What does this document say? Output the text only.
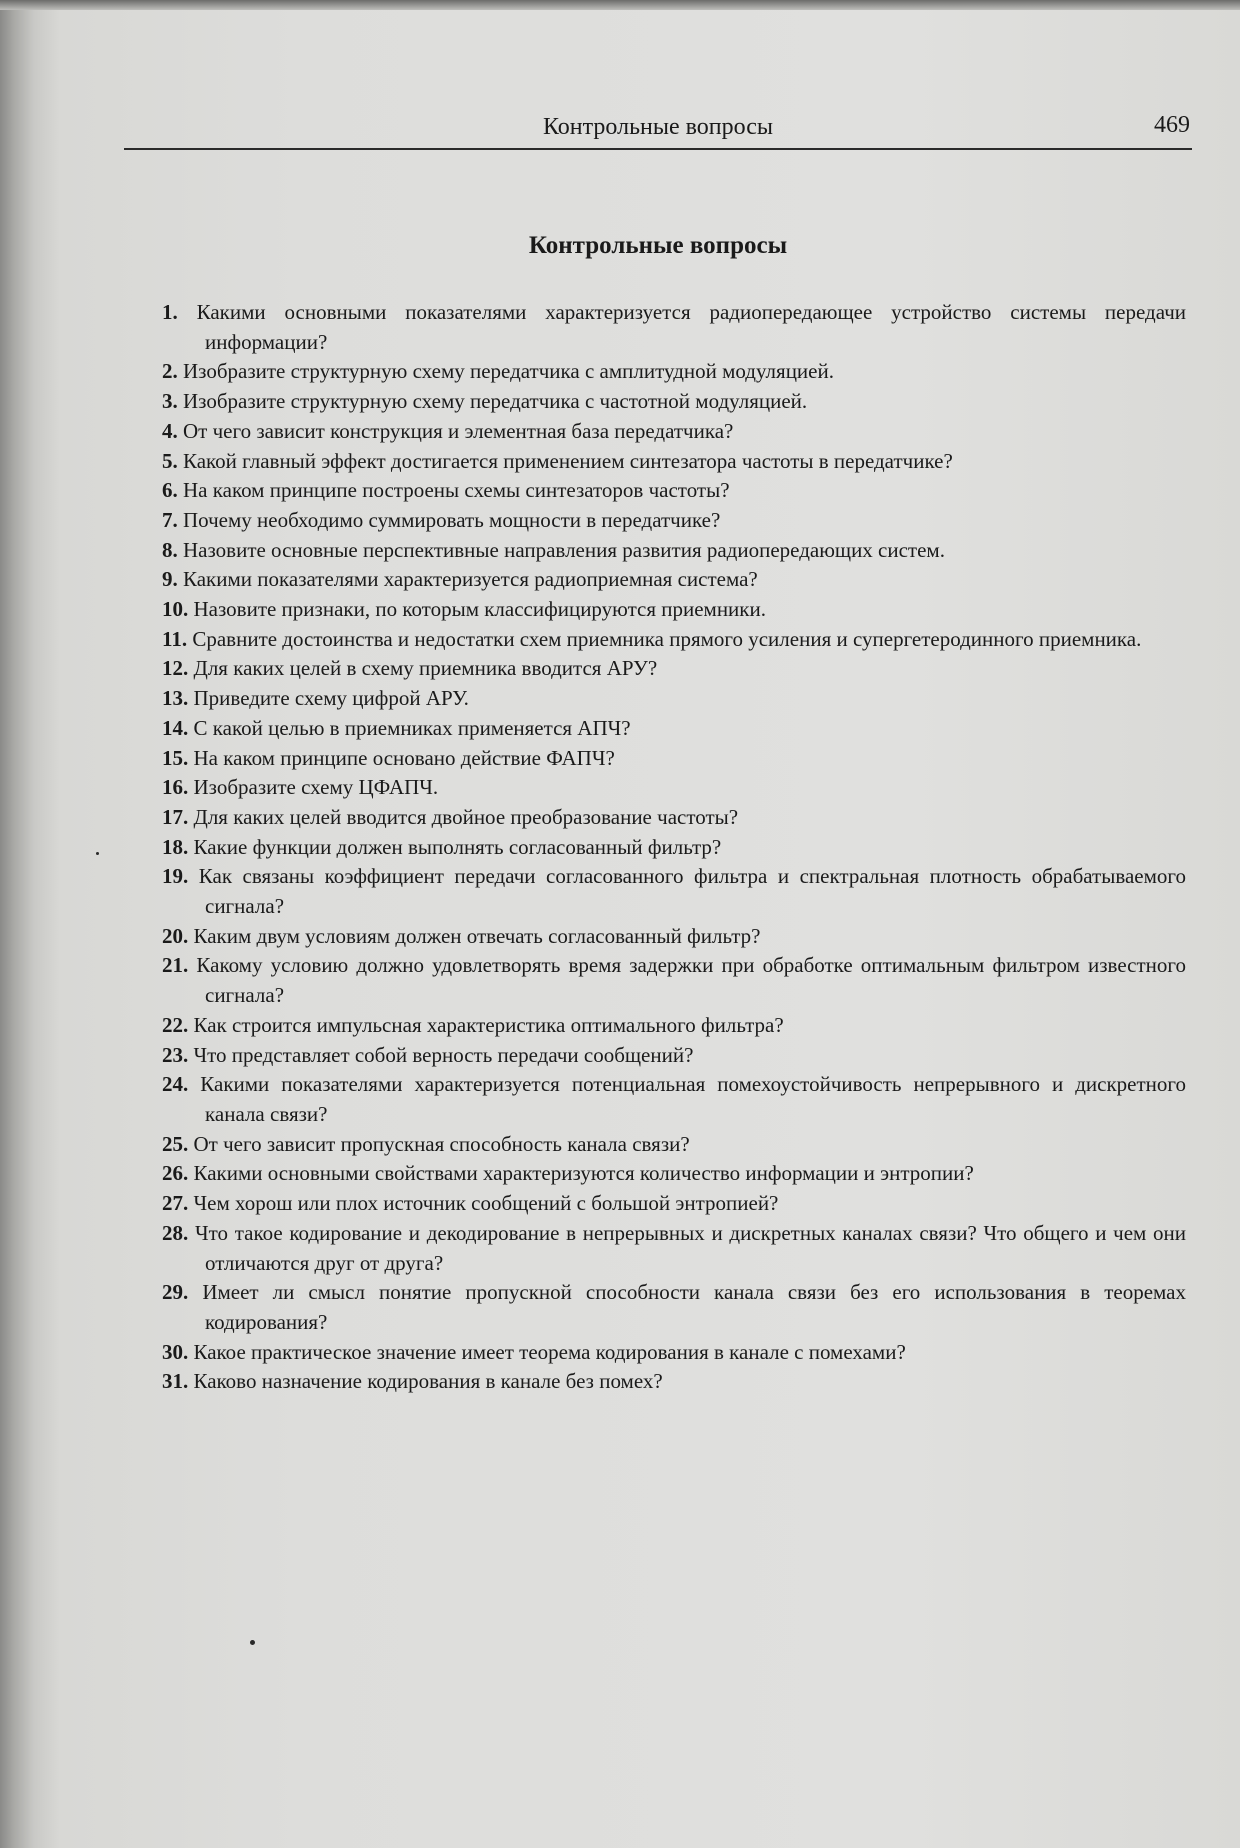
Контрольные вопросы	469
Контрольные вопросы
1. Какими основными показателями характеризуется радиопередающее устройство системы передачи информации?
2. Изобразите структурную схему передатчика с амплитудной модуляцией.
3. Изобразите структурную схему передатчика с частотной модуляцией.
4. От чего зависит конструкция и элементная база передатчика?
5. Какой главный эффект достигается применением синтезатора частоты в передатчике?
6. На каком принципе построены схемы синтезаторов частоты?
7. Почему необходимо суммировать мощности в передатчике?
8. Назовите основные перспективные направления развития радиопередающих систем.
9. Какими показателями характеризуется радиоприемная система?
10. Назовите признаки, по которым классифицируются приемники.
11. Сравните достоинства и недостатки схем приемника прямого усиления и супергетеродинного приемника.
12. Для каких целей в схему приемника вводится АРУ?
13. Приведите схему цифрой АРУ.
14. С какой целью в приемниках применяется АПЧ?
15. На каком принципе основано действие ФАПЧ?
16. Изобразите схему ЦФАПЧ.
17. Для каких целей вводится двойное преобразование частоты?
18. Какие функции должен выполнять согласованный фильтр?
19. Как связаны коэффициент передачи согласованного фильтра и спектральная плотность обрабатываемого сигнала?
20. Каким двум условиям должен отвечать согласованный фильтр?
21. Какому условию должно удовлетворять время задержки при обработке оптимальным фильтром известного сигнала?
22. Как строится импульсная характеристика оптимального фильтра?
23. Что представляет собой верность передачи сообщений?
24. Какими показателями характеризуется потенциальная помехоустойчивость непрерывного и дискретного канала связи?
25. От чего зависит пропускная способность канала связи?
26. Какими основными свойствами характеризуются количество информации и энтропии?
27. Чем хорош или плох источник сообщений с большой энтропией?
28. Что такое кодирование и декодирование в непрерывных и дискретных каналах связи? Что общего и чем они отличаются друг от друга?
29. Имеет ли смысл понятие пропускной способности канала связи без его использования в теоремах кодирования?
30. Какое практическое значение имеет теорема кодирования в канале с помехами?
31. Каково назначение кодирования в канале без помех?
